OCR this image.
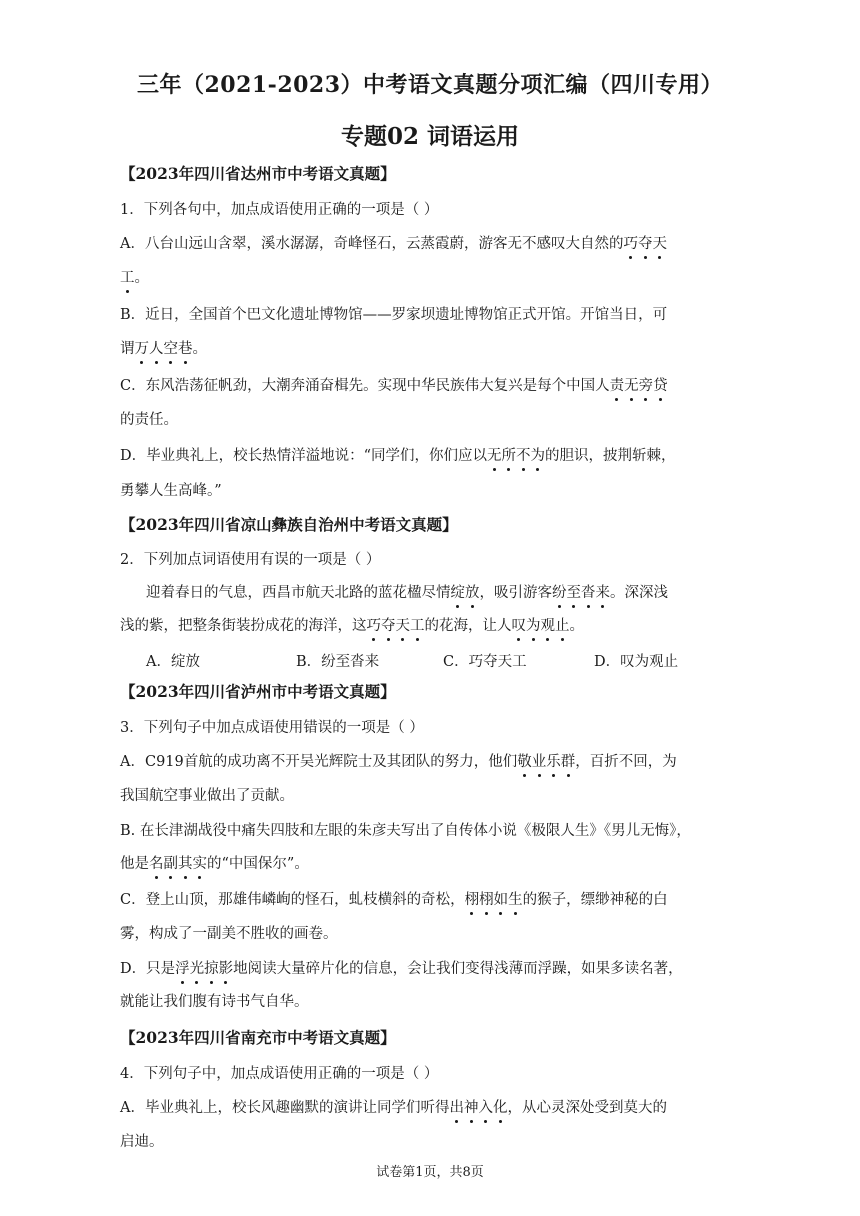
三年（2021-2023）中考语文真题分项汇编（四川专用）
专题02 词语运用
【2023年四川省达州市中考语文真题】
1．下列各句中，加点成语使用正确的一项是（ ）
A．八台山远山含翠，溪水潺潺，奇峰怪石，云蒸霞蔚，游客无不感叹大自然的巧夺天
工。
B．近日，全国首个巴文化遗址博物馆——罗家坝遗址博物馆正式开馆。开馆当日，可
谓万人空巷。
C．东风浩荡征帆劲，大潮奔涌奋楫先。实现中华民族伟大复兴是每个中国人责无旁贷
的责任。
D．毕业典礼上，校长热情洋溢地说：“同学们，你们应以无所不为的胆识，披荆斩棘，
勇攀人生高峰。”
【2023年四川省凉山彝族自治州中考语文真题】
2．下列加点词语使用有误的一项是（ ）
迎着春日的气息，西昌市航天北路的蓝花楹尽情绽放，吸引游客纷至沓来。深深浅
浅的紫，把整条街装扮成花的海洋，这巧夺天工的花海，让人叹为观止。
A．绽放	B．纷至沓来	C．巧夺天工	D．叹为观止
【2023年四川省泸州市中考语文真题】
3．下列句子中加点成语使用错误的一项是（ ）
A．C919首航的成功离不开吴光辉院士及其团队的努力，他们敬业乐群，百折不回，为
我国航空事业做出了贡献。
B. 在长津湖战役中痛失四肢和左眼的朱彦夫写出了自传体小说《极限人生》《男儿无悔》，
他是名副其实的“中国保尔”。
C．登上山顶，那雄伟嶙峋的怪石，虬枝横斜的奇松，栩栩如生的猴子，缥缈神秘的白
雾，构成了一副美不胜收的画卷。
D．只是浮光掠影地阅读大量碎片化的信息，会让我们变得浅薄而浮躁，如果多读名著，
就能让我们腹有诗书气自华。
【2023年四川省南充市中考语文真题】
4．下列句子中，加点成语使用正确的一项是（ ）
A．毕业典礼上，校长风趣幽默的演讲让同学们听得出神入化，从心灵深处受到莫大的
启迪。
试卷第1页，共8页
